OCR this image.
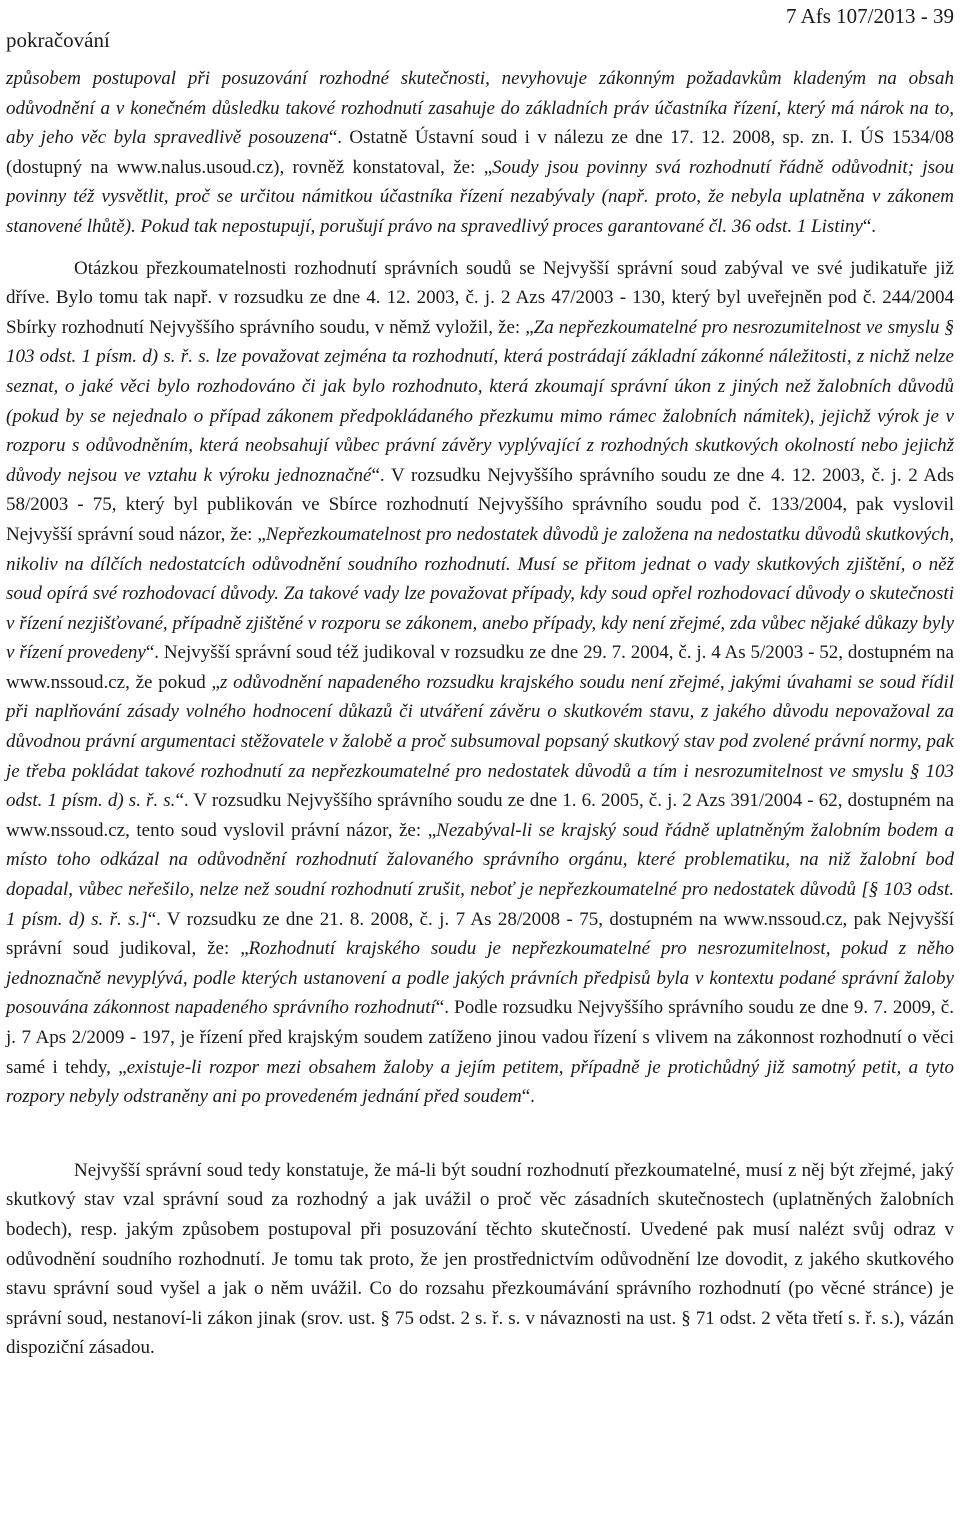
pokračování
7 Afs 107/2013 - 39

způsobem postupoval při posuzování rozhodné skutečnosti, nevyhovuje zákonným požadavkům kladeným na obsah odůvodnění a v konečném důsledku takové rozhodnutí zasahuje do základních práv účastníka řízení, který má nárok na to, aby jeho věc byla spravedlivě posouzena“. Ostatně Ústavní soud i v nálezu ze dne 17. 12. 2008, sp. zn. I. ÚS 1534/08 (dostupný na www.nalus.usoud.cz), rovněž konstatoval, že: „Soudy jsou povinny svá rozhodnutí řádně odůvodnit; jsou povinny též vysvětlit, proč se určitou námitkou účastníka řízení nezabývaly (např. proto, že nebyla uplatněna v zákonem stanovené lhůtě). Pokud tak nepostupují, porušují právo na spravedlivý proces garantované čl. 36 odst. 1 Listiny“.

Otázkou přezkoumatelnosti rozhodnutí správních soudů se Nejvyšší správní soud zabýval ve své judikatuře již dříve. Bylo tomu tak např. v rozsudku ze dne 4. 12. 2003, č. j. 2 Azs 47/2003 - 130, který byl uveřejněn pod č. 244/2004 Sbírky rozhodnutí Nejvyššího správního soudu, v němž vyložil, že: „Za nepřezkoumatelné pro nesrozumitelnost ve smyslu § 103 odst. 1 písm. d) s. ř. s. lze považovat zejména ta rozhodnutí, která postrádají základní zákonné náležitosti, z nichž nelze seznat, o jaké věci bylo rozhodováno či jak bylo rozhodnuto, která zkoumají správní úkon z jiných než žalobních důvodů (pokud by se nejednalo o případ zákonem předpokládaného přezkumu mimo rámec žalobních námitek), jejichž výrok je v rozporu s odůvodněním, která neobsahují vůbec právní závěry vyplývající z rozhodných skutkových okolností nebo jejichž důvody nejsou ve vztahu k výroku jednoznačné“. V rozsudku Nejvyššího správního soudu ze dne 4. 12. 2003, č. j. 2 Ads 58/2003 - 75, který byl publikován ve Sbírce rozhodnutí Nejvyššího správního soudu pod č. 133/2004, pak vyslovil Nejvyšší správní soud názor, že: „Nepřezkoumatelnost pro nedostatek důvodů je založena na nedostatku důvodů skutkových, nikoliv na dílčích nedostatcích odůvodnění soudního rozhodnutí. Musí se přitom jednat o vady skutkových zjištění, o něž soud opírá své rozhodovací důvody. Za takové vady lze považovat případy, kdy soud opřel rozhodovací důvody o skutečnosti v řízení nezjišťované, případně zjištěné v rozporu se zákonem, anebo případy, kdy není zřejmé, zda vůbec nějaké důkazy byly v řízení provedeny“. Nejvyšší správní soud též judikoval v rozsudku ze dne 29. 7. 2004, č. j. 4 As 5/2003 - 52, dostupném na www.nssoud.cz, že pokud „z odůvodnění napadeného rozsudku krajského soudu není zřejmé, jakými úvahami se soud řídil při naplňování zásady volného hodnocení důkazů či utváření závěru o skutkovém stavu, z jakého důvodu nepovažoval za důvodnou právní argumentaci stěžovatele v žalobě a proč subsumoval popsaný skutkový stav pod zvolené právní normy, pak je třeba pokládat takové rozhodnutí za nepřezkoumatelné pro nedostatek důvodů a tím i nesrozumitelnost ve smyslu § 103 odst. 1 písm. d) s. ř. s.“. V rozsudku Nejvyššího správního soudu ze dne 1. 6. 2005, č. j. 2 Azs 391/2004 - 62, dostupném na www.nssoud.cz, tento soud vyslovil právní názor, že: „Nezabýval-li se krajský soud řádně uplatněným žalobním bodem a místo toho odkázal na odůvodnění rozhodnutí žalovaného správního orgánu, které problematiku, na niž žalobní bod dopadal, vůbec neřešilo, nelze než soudní rozhodnutí zrušit, neboť je nepřezkoumatelné pro nedostatek důvodů [§ 103 odst. 1 písm. d) s. ř. s.]“. V rozsudku ze dne 21. 8. 2008, č. j. 7 As 28/2008 - 75, dostupném na www.nssoud.cz, pak Nejvyšší správní soud judikoval, že: „Rozhodnutí krajského soudu je nepřezkoumatelné pro nesrozumitelnost, pokud z něho jednoznačně nevyplývá, podle kterých ustanovení a podle jakých právních předpisů byla v kontextu podané správní žaloby posouvána zákonnost napadeného správního rozhodnutí“. Podle rozsudku Nejvyššího správního soudu ze dne 9. 7. 2009, č. j. 7 Aps 2/2009 - 197, je řízení před krajským soudem zatíženo jinou vadou řízení s vlivem na zákonnost rozhodnutí o věci samé i tehdy, „existuje-li rozpor mezi obsahem žaloby a jejím petitem, případně je protichůdný již samotný petit, a tyto rozpory nebyly odstraněny ani po provedeném jednání před soudem“.

Nejvyšší správní soud tedy konstatuje, že má-li být soudní rozhodnutí přezkoumatelné, musí z něj být zřejmé, jaký skutkový stav vzal správní soud za rozhodný a jak uvážil o proč věc zásadních skutečnostech (uplatněných žalobních bodech), resp. jakým způsobem postupoval při posuzování těchto skutečností. Uvedené pak musí nalézt svůj odraz v odůvodnění soudního rozhodnutí. Je tomu tak proto, že jen prostřednictvím odůvodnění lze dovodit, z jakého skutkového stavu správní soud vyšel a jak o něm uvážil. Co do rozsahu přezkoumávání správního rozhodnutí (po věcné stránce) je správní soud, nestanoví-li zákon jinak (srov. ust. § 75 odst. 2 s. ř. s. v návaznosti na ust. § 71 odst. 2 věta třetí s. ř. s.), vázán dispoziční zásadou.
